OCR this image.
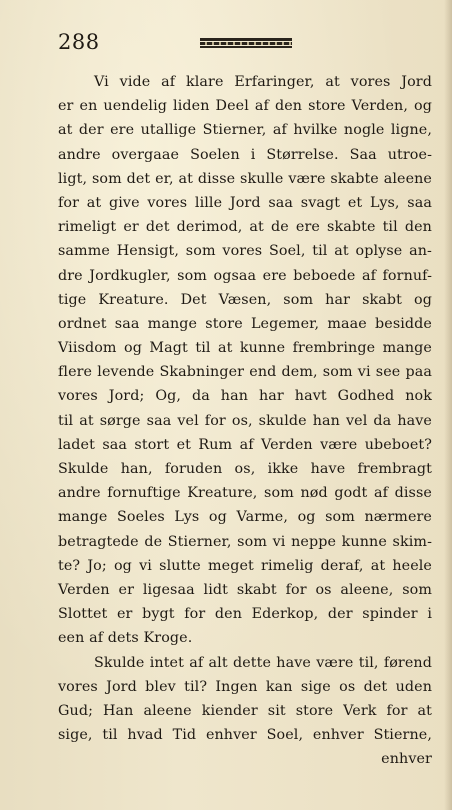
288
Vi vide af klare Erfaringer, at vores Jord
er en uendelig liden Deel af den store Verden, og
at der ere utallige Stierner, af hvilke nogle ligne,
andre overgaae Soelen i Størrelse. Saa utroe-
ligt, som det er, at disse skulle være skabte aleene
for at give vores lille Jord saa svagt et Lys, saa
rimeligt er det derimod, at de ere skabte til den
samme Hensigt, som vores Soel, til at oplyse an-
dre Jordkugler, som ogsaa ere beboede af fornuf-
tige Kreature. Det Væsen, som har skabt og
ordnet saa mange store Legemer, maae besidde
Viisdom og Magt til at kunne frembringe mange
flere levende Skabninger end dem, som vi see paa
vores Jord; Og, da han har havt Godhed nok
til at sørge saa vel for os, skulde han vel da have
ladet saa stort et Rum af Verden være ubeboet?
Skulde han, foruden os, ikke have frembragt
andre fornuftige Kreature, som nød godt af disse
mange Soeles Lys og Varme, og som nærmere
betragtede de Stierner, som vi neppe kunne skim-
te? Jo; og vi slutte meget rimelig deraf, at heele
Verden er ligesaa lidt skabt for os aleene, som
Slottet er bygt for den Ederkop, der spinder i
een af dets Kroge.
Skulde intet af alt dette have være til, førend
vores Jord blev til? Ingen kan sige os det uden
Gud; Han aleene kiender sit store Verk for at
sige, til hvad Tid enhver Soel, enhver Stierne,
enhver
